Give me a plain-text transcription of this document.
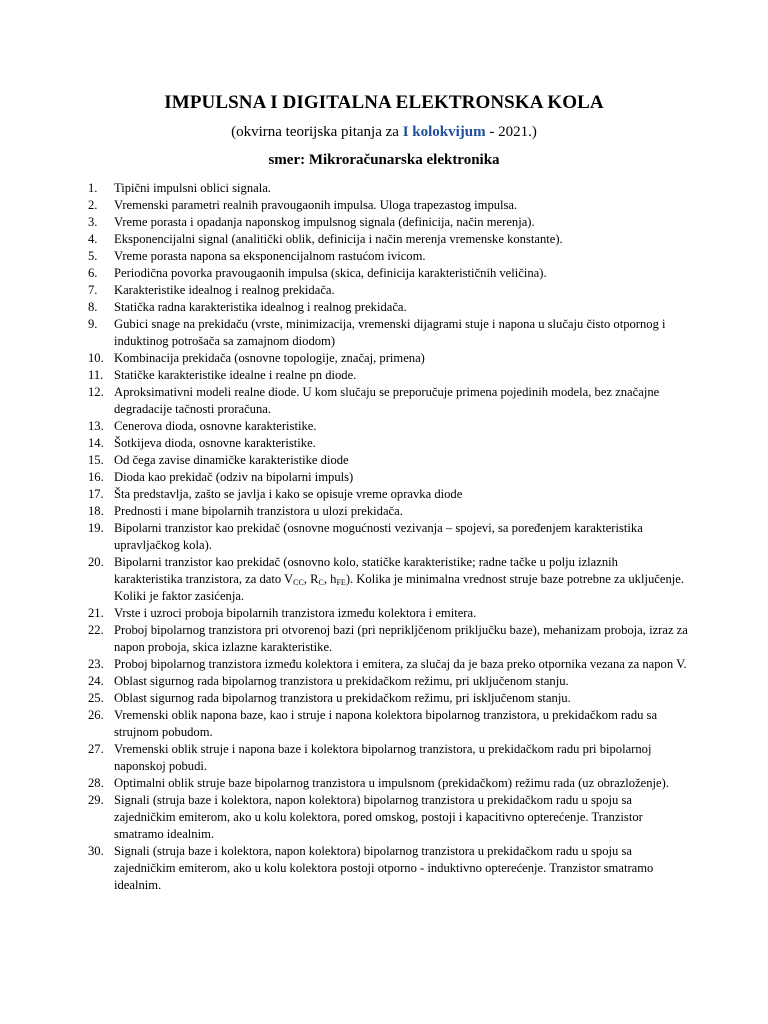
IMPULSNA I DIGITALNA ELEKTRONSKA KOLA
(okvirna teorijska pitanja za I kolokvijum - 2021.)
smer: Mikroračunarska elektronika
1. Tipični impulsni oblici signala.
2. Vremenski parametri realnih pravougaonih impulsa. Uloga trapezastog impulsa.
3. Vreme porasta i opadanja naponskog impulsnog signala (definicija, način merenja).
4. Eksponencijalni signal (analitički oblik, definicija i način merenja vremenske konstante).
5. Vreme porasta napona sa eksponencijalnom rastućom ivicom.
6. Periodična povorka pravougaonih impulsa (skica, definicija karakterističnih veličina).
7. Karakteristike idealnog i realnog prekidača.
8. Statička radna karakteristika idealnog i realnog prekidača.
9. Gubici snage na prekidaču (vrste, minimizacija, vremenski dijagrami stuje i napona u slučaju čisto otpornog i induktinog potrošača sa zamajnom diodom)
10. Kombinacija prekidača (osnovne topologije, značaj, primena)
11. Statičke karakteristike idealne i realne pn diode.
12. Aproksimativni modeli realne diode. U kom slučaju se preporučuje primena pojedinih modela, bez značajne degradacije tačnosti proračuna.
13. Cenerova dioda, osnovne karakteristike.
14. Šotkijeva dioda, osnovne karakteristike.
15. Od čega zavise dinamičke karakteristike diode
16. Dioda kao prekidač (odziv na bipolarni impuls)
17. Šta predstavlja, zašto se javlja i kako se opisuje vreme opravka diode
18. Prednosti i mane bipolarnih tranzistora u ulozi prekidača.
19. Bipolarni tranzistor kao prekidač (osnovne mogućnosti vezivanja – spojevi, sa poređenjem karakteristika upravljačkog kola).
20. Bipolarni tranzistor kao prekidač (osnovno kolo, statičke karakteristike; radne tačke u polju izlaznih karakteristika tranzistora, za dato $V_{CC}$, $R_C$, $h_{FE}$). Kolika je minimalna vrednost struje baze potrebne za uključenje. Koliki je faktor zasićenja.
21. Vrste i uzroci proboja bipolarnih tranzistora između kolektora i emitera.
22. Proboj bipolarnog tranzistora pri otvorenoj bazi (pri neprikljčenom priključku baze), mehanizam proboja, izraz za napon proboja, skica izlazne karakteristike.
23. Proboj bipolarnog tranzistora između kolektora i emitera, za slučaj da je baza preko otpornika vezana za napon V.
24. Oblast sigurnog rada bipolarnog tranzistora u prekidačkom režimu, pri uključenom stanju.
25. Oblast sigurnog rada bipolarnog tranzistora u prekidačkom režimu, pri isključenom stanju.
26. Vremenski oblik napona baze, kao i struje i napona kolektora bipolarnog tranzistora, u prekidačkom radu sa strujnom pobudom.
27. Vremenski oblik struje i napona baze i kolektora bipolarnog tranzistora, u prekidačkom radu pri bipolarnoj naponskoj pobudi.
28. Optimalni oblik struje baze bipolarnog tranzistora u impulsnom (prekidačkom) režimu rada (uz obrazloženje).
29. Signali (struja baze i kolektora, napon kolektora) bipolarnog tranzistora u prekidačkom radu u spoju sa zajedničkim emiterom, ako u kolu kolektora, pored omskog, postoji i kapacitivno opterećenje. Tranzistor smatramo idealnim.
30. Signali (struja baze i kolektora, napon kolektora) bipolarnog tranzistora u prekidačkom radu u spoju sa zajedničkim emiterom, ako u kolu kolektora postoji otporno - induktivno opterećenje. Tranzistor smatramo idealnim.
